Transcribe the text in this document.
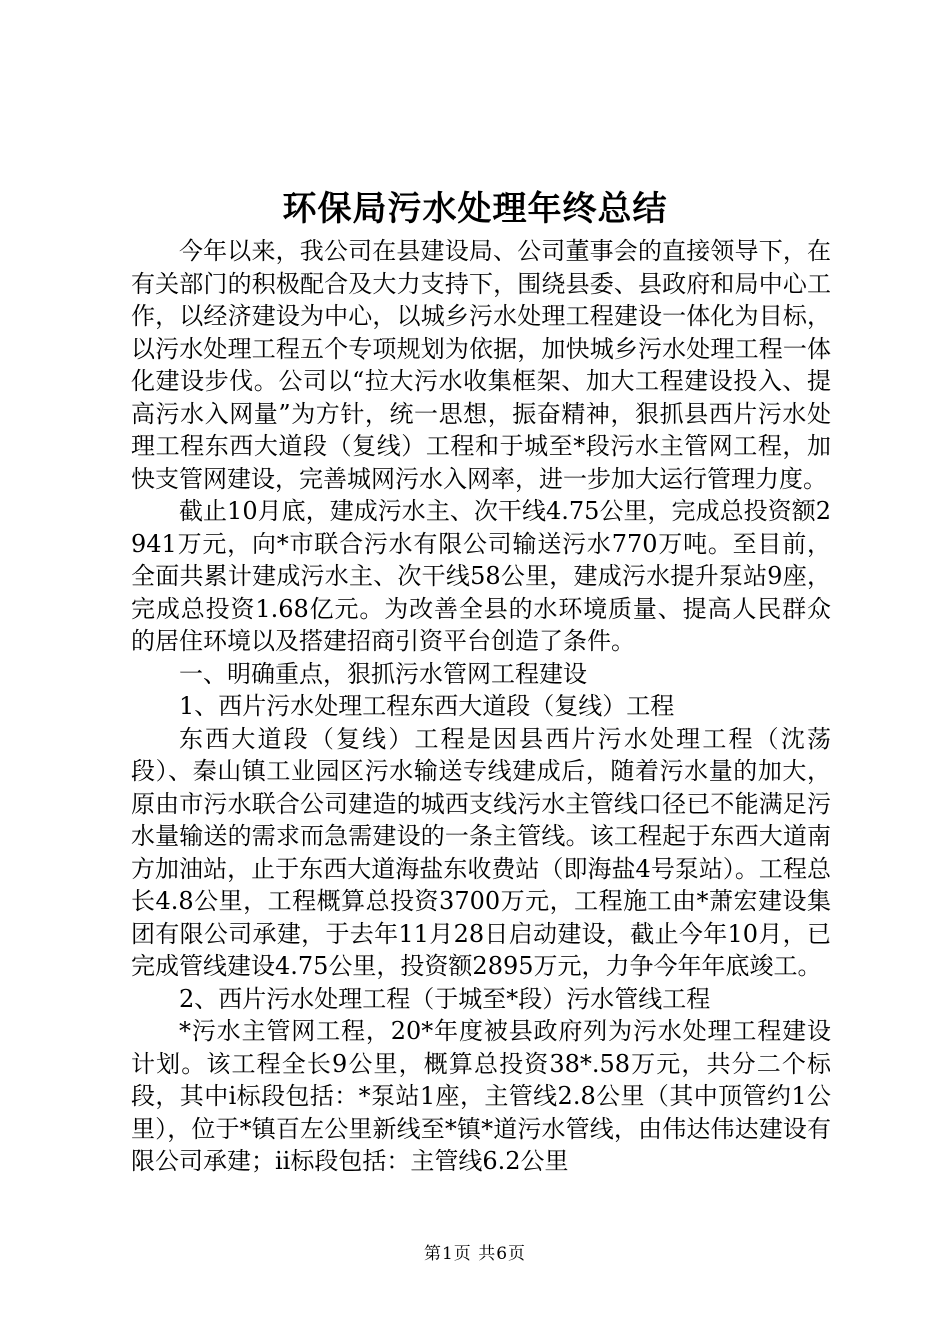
环保局污水处理年终总结

今年以来，我公司在县建设局、公司董事会的直接领导下，在有关部门的积极配合及大力支持下，围绕县委、县政府和局中心工作，以经济建设为中心，以城乡污水处理工程建设一体化为目标，以污水处理工程五个专项规划为依据，加快城乡污水处理工程一体化建设步伐。公司以“拉大污水收集框架、加大工程建设投入、提高污水入网量”为方针，统一思想，振奋精神，狠抓县西片污水处理工程东西大道段（复线）工程和于城至*段污水主管网工程，加快支管网建设，完善城网污水入网率，进一步加大运行管理力度。

截止10月底，建成污水主、次干线4.75公里，完成总投资额2941万元，向*市联合污水有限公司输送污水770万吨。至目前，全面共累计建成污水主、次干线58公里，建成污水提升泵站9座，完成总投资1.68亿元。为改善全县的水环境质量、提高人民群众的居住环境以及搭建招商引资平台创造了条件。

一、明确重点，狠抓污水管网工程建设

1、西片污水处理工程东西大道段（复线）工程

东西大道段（复线）工程是因县西片污水处理工程（沈荡段）、秦山镇工业园区污水输送专线建成后，随着污水量的加大，原由市污水联合公司建造的城西支线污水主管线口径已不能满足污水量输送的需求而急需建设的一条主管线。该工程起于东西大道南方加油站，止于东西大道海盐东收费站（即海盐4号泵站）。工程总长4.8公里，工程概算总投资3700万元，工程施工由*萧宏建设集团有限公司承建，于去年11月28日启动建设，截止今年10月，已完成管线建设4.75公里，投资额2895万元，力争今年年底竣工。

2、西片污水处理工程（于城至*段）污水管线工程

*污水主管网工程，20*年度被县政府列为污水处理工程建设计划。该工程全长9公里，概算总投资38*.58万元，共分二个标段，其中i标段包括：*泵站1座，主管线2.8公里（其中顶管约1公里），位于*镇百左公里新线至*镇*道污水管线，由伟达伟达建设有限公司承建；ii标段包括：主管线6.2公里

第1页 共6页
